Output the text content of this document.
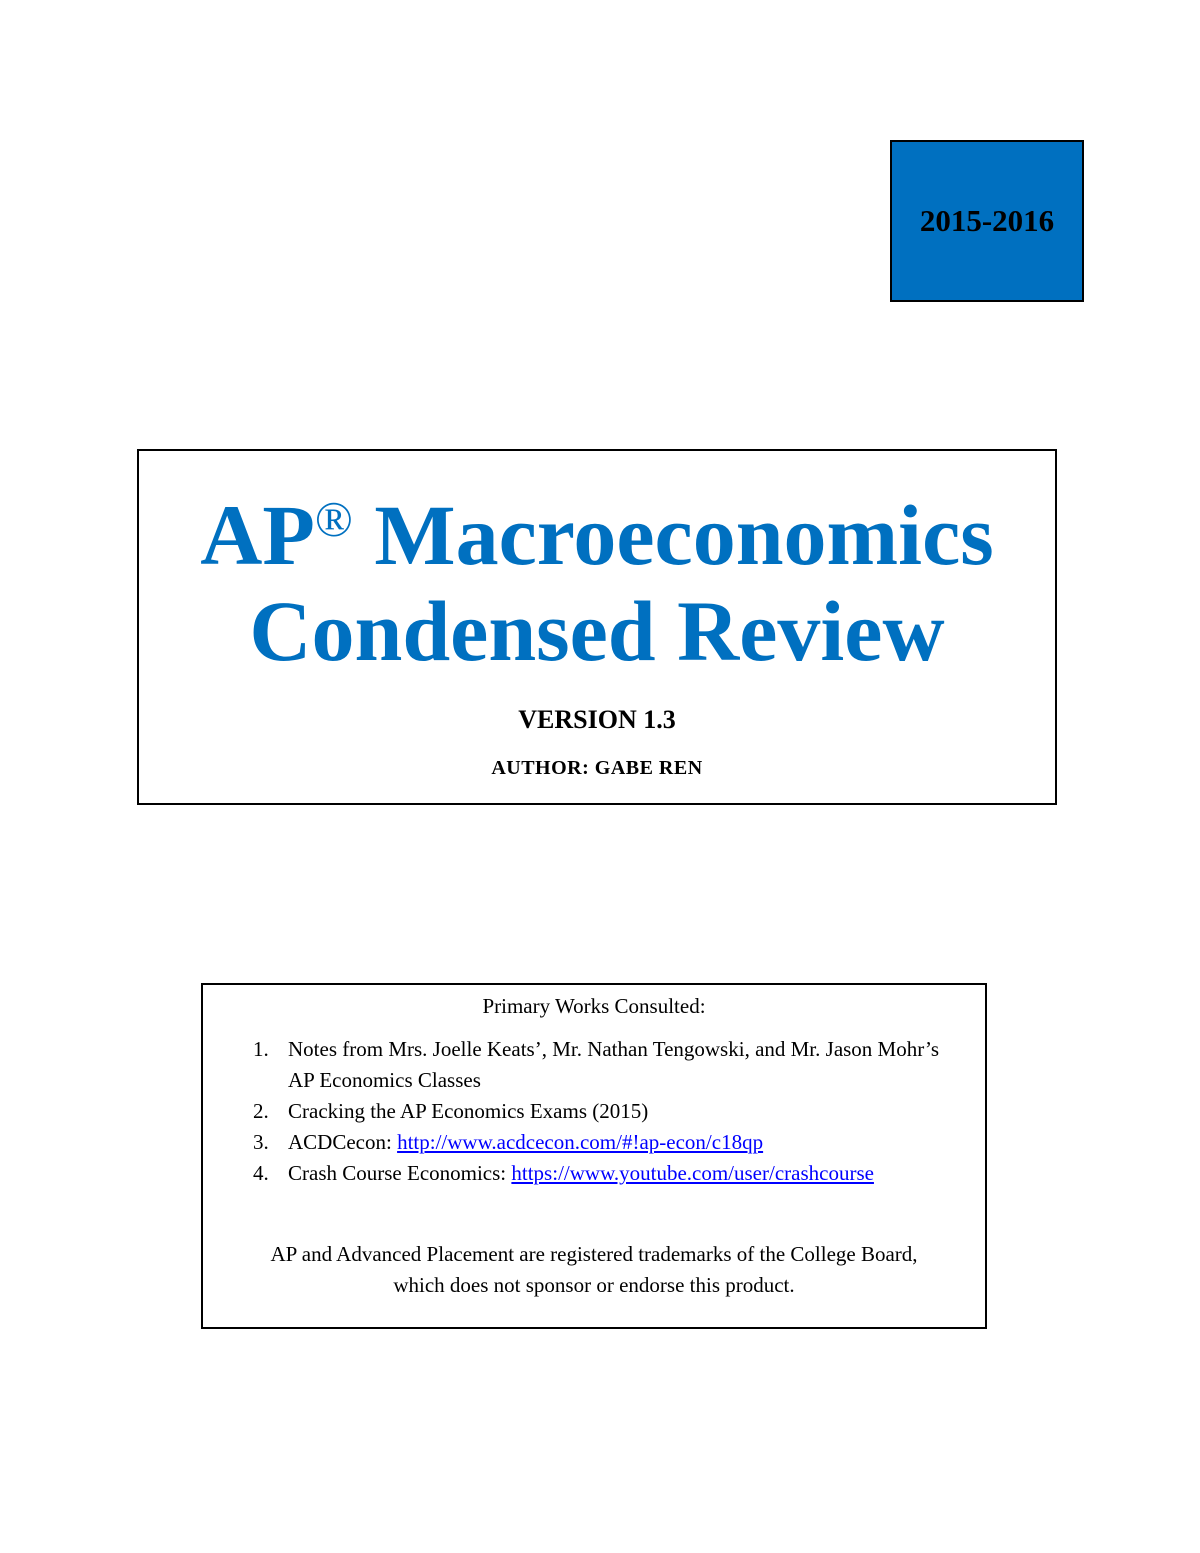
2015-2016
AP® Macroeconomics
Condensed Review
VERSION 1.3
AUTHOR: GABE REN
Primary Works Consulted:
1. Notes from Mrs. Joelle Keats’, Mr. Nathan Tengowski, and Mr. Jason Mohr’s AP Economics Classes
2. Cracking the AP Economics Exams (2015)
3. ACDCecon: http://www.acdcecon.com/#!ap-econ/c18qp
4. Crash Course Economics: https://www.youtube.com/user/crashcourse
AP and Advanced Placement are registered trademarks of the College Board, which does not sponsor or endorse this product.
